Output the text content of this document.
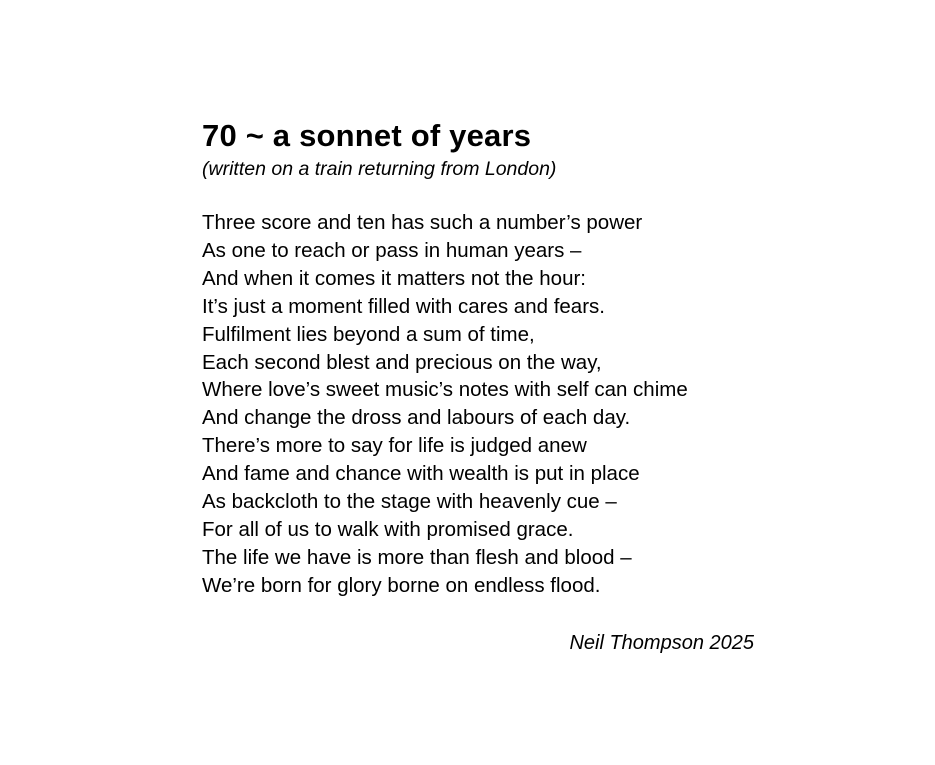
70 ~ a sonnet of years

(written on a train returning from London)

Three score and ten has such a number’s power

As one to reach or pass in human years –

And when it comes it matters not the hour:

It’s just a moment filled with cares and fears.

Fulfilment lies beyond a sum of time,

Each second blest and precious on the way,

Where love’s sweet music’s notes with self can chime

And change the dross and labours of each day.

There’s more to say for life is judged anew

And fame and chance with wealth is put in place

As backcloth to the stage with heavenly cue –

For all of us to walk with promised grace.

The life we have is more than flesh and blood –

We’re born for glory borne on endless flood.

Neil Thompson 2025
